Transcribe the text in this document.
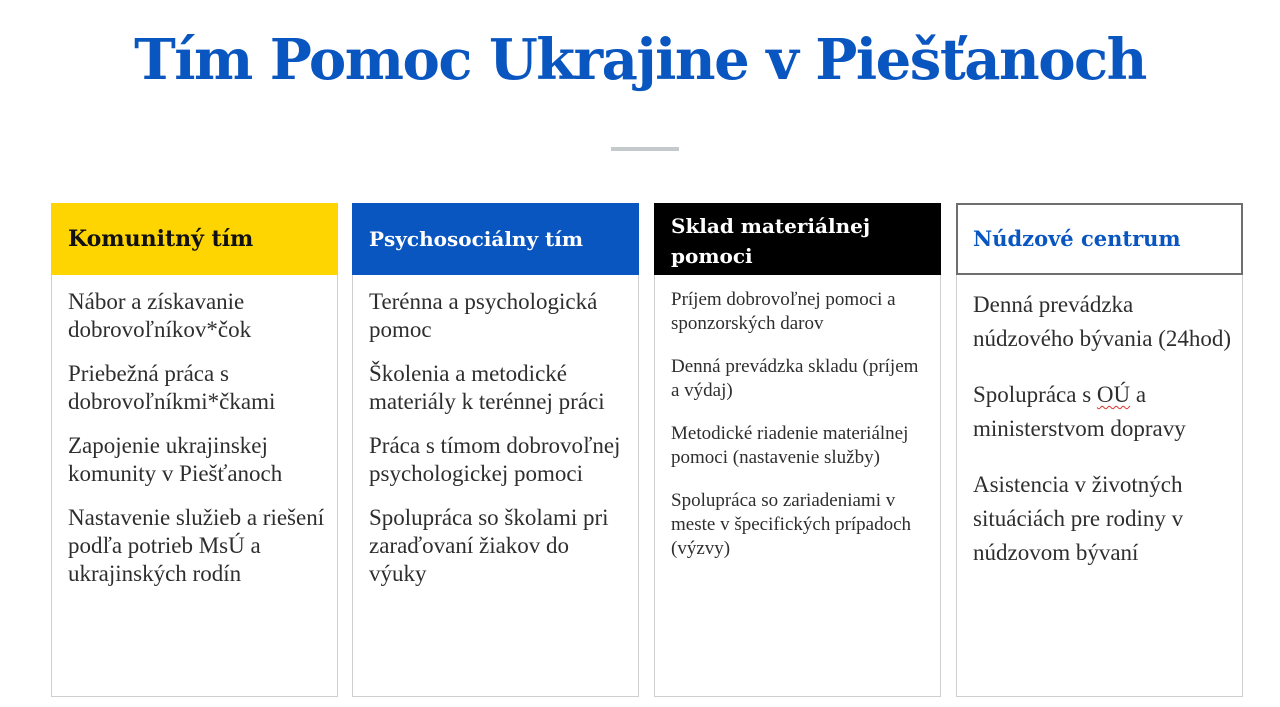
Tím Pomoc Ukrajine v Piešťanoch
Komunitný tím

Nábor a získavanie dobrovoľníkov*čok

Priebežná práca s dobrovoľníkmi*čkami

Zapojenie ukrajinskej komunity v Piešťanoch

Nastavenie služieb a riešení podľa potrieb MsÚ a ukrajinských rodín

Psychosociálny tím

Terénna a psychologická pomoc

Školenia a metodické materiály k terénnej práci

Práca s tímom dobrovoľnej psychologickej pomoci

Spolupráca so školami pri zaraďovaní žiakov do výuky

Sklad materiálnej pomoci

Príjem dobrovoľnej pomoci a sponzorských darov

Denná prevádzka skladu (príjem a výdaj)

Metodické riadenie materiálnej pomoci (nastavenie služby)

Spolupráca so zariadeniami v meste v špecifických prípadoch (výzvy)

Núdzové centrum

Denná prevádzka núdzového bývania (24hod)

Spolupráca s OÚ a ministerstvom dopravy

Asistencia v životných situáciách pre rodiny v núdzovom bývaní
